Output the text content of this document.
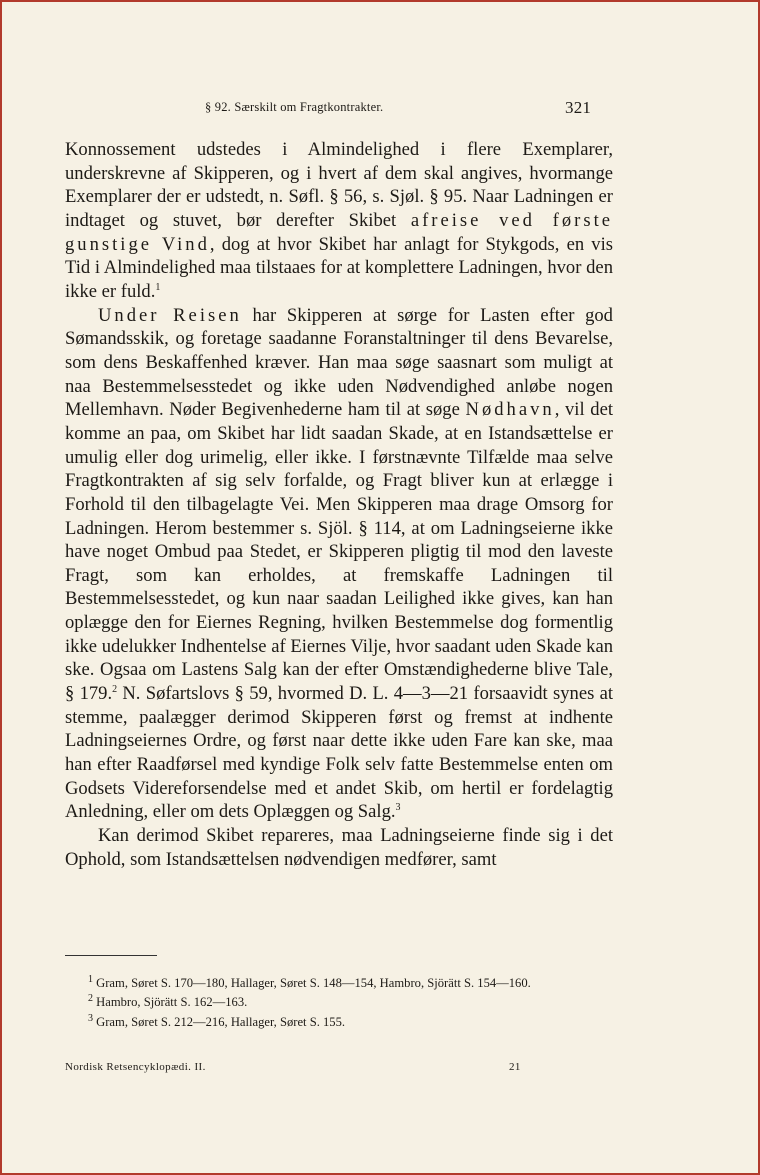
§ 92. Særskilt om Fragtkontrakter.	321

Konnossement udstedes i Almindelighed i flere Exemplarer, underskrevne af Skipperen, og i hvert af dem skal angives, hvormange Exemplarer der er udstedt, n. Søfl. § 56, s. Sjøl. § 95. Naar Ladningen er indtaget og stuvet, bør derefter Skibet afreise ved første gunstige Vind, dog at hvor Skibet har anlagt for Stykgods, en vis Tid i Almindelighed maa tilstaaes for at komplettere Ladningen, hvor den ikke er fuld.$^1$

Under Reisen har Skipperen at sørge for Lasten efter god Sømandsskik, og foretage saadanne Foranstaltninger til dens Bevarelse, som dens Beskaffenhed kræver. Han maa søge saasnart som muligt at naa Bestemmelsesstedet og ikke uden Nødvendighed anløbe nogen Mellemhavn. Nøder Begivenhederne ham til at søge Nødhavn, vil det komme an paa, om Skibet har lidt saadan Skade, at en Istandsættelse er umulig eller dog urimelig, eller ikke. I førstnævnte Tilfælde maa selve Fragtkontrakten af sig selv forfalde, og Fragt bliver kun at erlægge i Forhold til den tilbagelagte Vei. Men Skipperen maa drage Omsorg for Ladningen. Herom bestemmer s. Sjöl. § 114, at om Ladningseierne ikke have noget Ombud paa Stedet, er Skipperen pligtig til mod den laveste Fragt, som kan erholdes, at fremskaffe Ladningen til Bestemmelsesstedet, og kun naar saadan Leilighed ikke gives, kan han oplægge den for Eiernes Regning, hvilken Bestemmelse dog formentlig ikke udelukker Indhentelse af Eiernes Vilje, hvor saadant uden Skade kan ske. Ogsaa om Lastens Salg kan der efter Omstændighederne blive Tale, § 179.$^2$ N. Søfartslovs § 59, hvormed D. L. 4—3—21 forsaavidt synes at stemme, paalægger derimod Skipperen først og fremst at indhente Ladningseiernes Ordre, og først naar dette ikke uden Fare kan ske, maa han efter Raadførsel med kyndige Folk selv fatte Bestemmelse enten om Godsets Videreforsendelse med et andet Skib, om hertil er fordelagtig Anledning, eller om dets Oplæggen og Salg.$^3$

Kan derimod Skibet repareres, maa Ladningseierne finde sig i det Ophold, som Istandsættelsen nødvendigen medfører, samt

$^1$ Gram, Søret S. 170—180, Hallager, Søret S. 148—154, Hambro, Sjörätt S. 154—160.

$^2$ Hambro, Sjörätt S. 162—163.

$^3$ Gram, Søret S. 212—216, Hallager, Søret S. 155.

Nordisk Retsencyklopædi. II.	21
